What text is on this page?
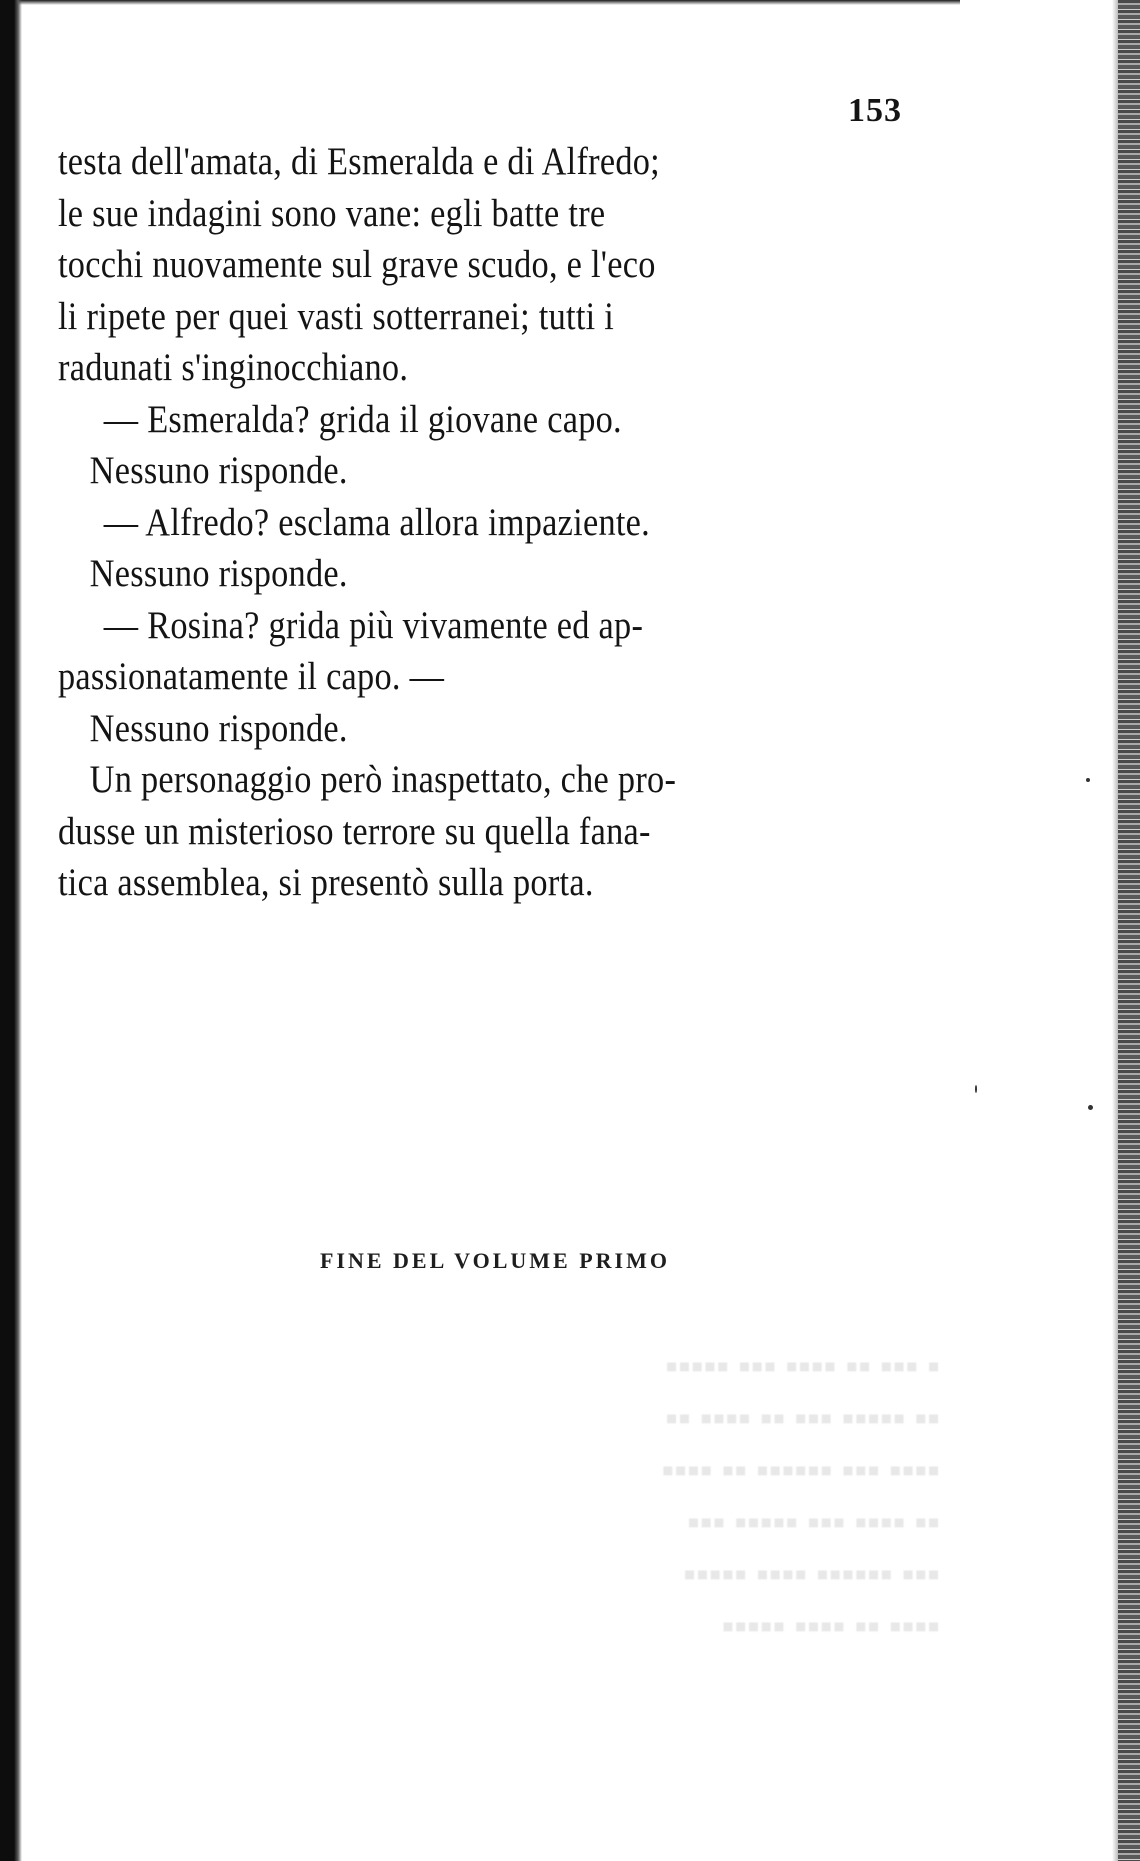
153
testa dell'amata, di Esmeralda e di Alfredo;
le sue indagini sono vane: egli batte tre
tocchi nuovamente sul grave scudo, e l'eco
li ripete per quei vasti sotterranei; tutti i
radunati s'inginocchiano.
— Esmeralda? grida il giovane capo.
Nessuno risponde.
— Alfredo? esclama allora impaziente.
Nessuno risponde.
— Rosina? grida più vivamente ed ap-
passionatamente il capo. —
Nessuno risponde.
Un personaggio però inaspettato, che pro-
dusse un misterioso terrore su quella fana-
tica assemblea, si presentò sulla porta.
FINE DEL VOLUME PRIMO
▪ ▪▪▪ ▪▪ ▪▪▪▪ ▪▪▪ ▪▪▪▪▪
▪▪ ▪▪▪▪▪ ▪▪▪ ▪▪ ▪▪▪▪ ▪▪
▪▪▪▪ ▪▪▪ ▪▪▪▪▪▪ ▪▪ ▪▪▪▪
▪▪ ▪▪▪▪ ▪▪▪ ▪▪▪▪▪ ▪▪▪
▪▪▪ ▪▪▪▪▪▪ ▪▪▪▪ ▪▪▪▪▪
▪▪▪▪ ▪▪ ▪▪▪▪ ▪▪▪▪▪
